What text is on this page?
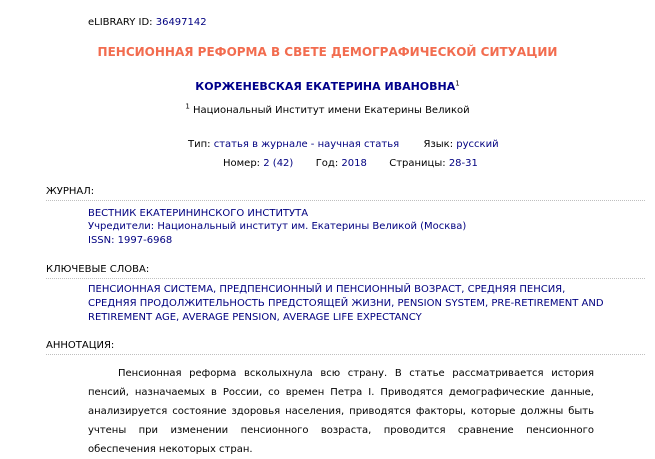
eLIBRARY ID: 36497142
ПЕНСИОННАЯ РЕФОРМА В СВЕТЕ ДЕМОГРАФИЧЕСКОЙ СИТУАЦИИ
КОРЖЕНЕВСКАЯ ЕКАТЕРИНА ИВАНОВНА$^1$
$^1$ Национальный Институт имени Екатерины Великой
Тип: статья в журнале - научная статья Язык: русский
Номер: 2 (42) Год: 2018 Страницы: 28-31
ЖУРНАЛ:
ВЕСТНИК ЕКАТЕРИНИНСКОГО ИНСТИТУТА
Учредители: Национальный институт им. Екатерины Великой (Москва)
ISSN: 1997-6968
КЛЮЧЕВЫЕ СЛОВА:
ПЕНСИОННАЯ СИСТЕМА, ПРЕДПЕНСИОННЫЙ И ПЕНСИОННЫЙ ВОЗРАСТ, СРЕДНЯЯ ПЕНСИЯ,
СРЕДНЯЯ ПРОДОЛЖИТЕЛЬНОСТЬ ПРЕДСТОЯЩЕЙ ЖИЗНИ, PENSION SYSTEM, PRE-RETIREMENT AND
RETIREMENT AGE, AVERAGE PENSION, AVERAGE LIFE EXPECTANCY
АННОТАЦИЯ:

Пенсионная реформа всколыхнула всю страну. В статье рассматривается история пенсий, назначаемых в России, со времен Петра I. Приводятся демографические данные, анализируется состояние здоровья населения, приводятся факторы, которые должны быть учтены при изменении пенсионного возраста, проводится сравнение пенсионного обеспечения некоторых стран.
